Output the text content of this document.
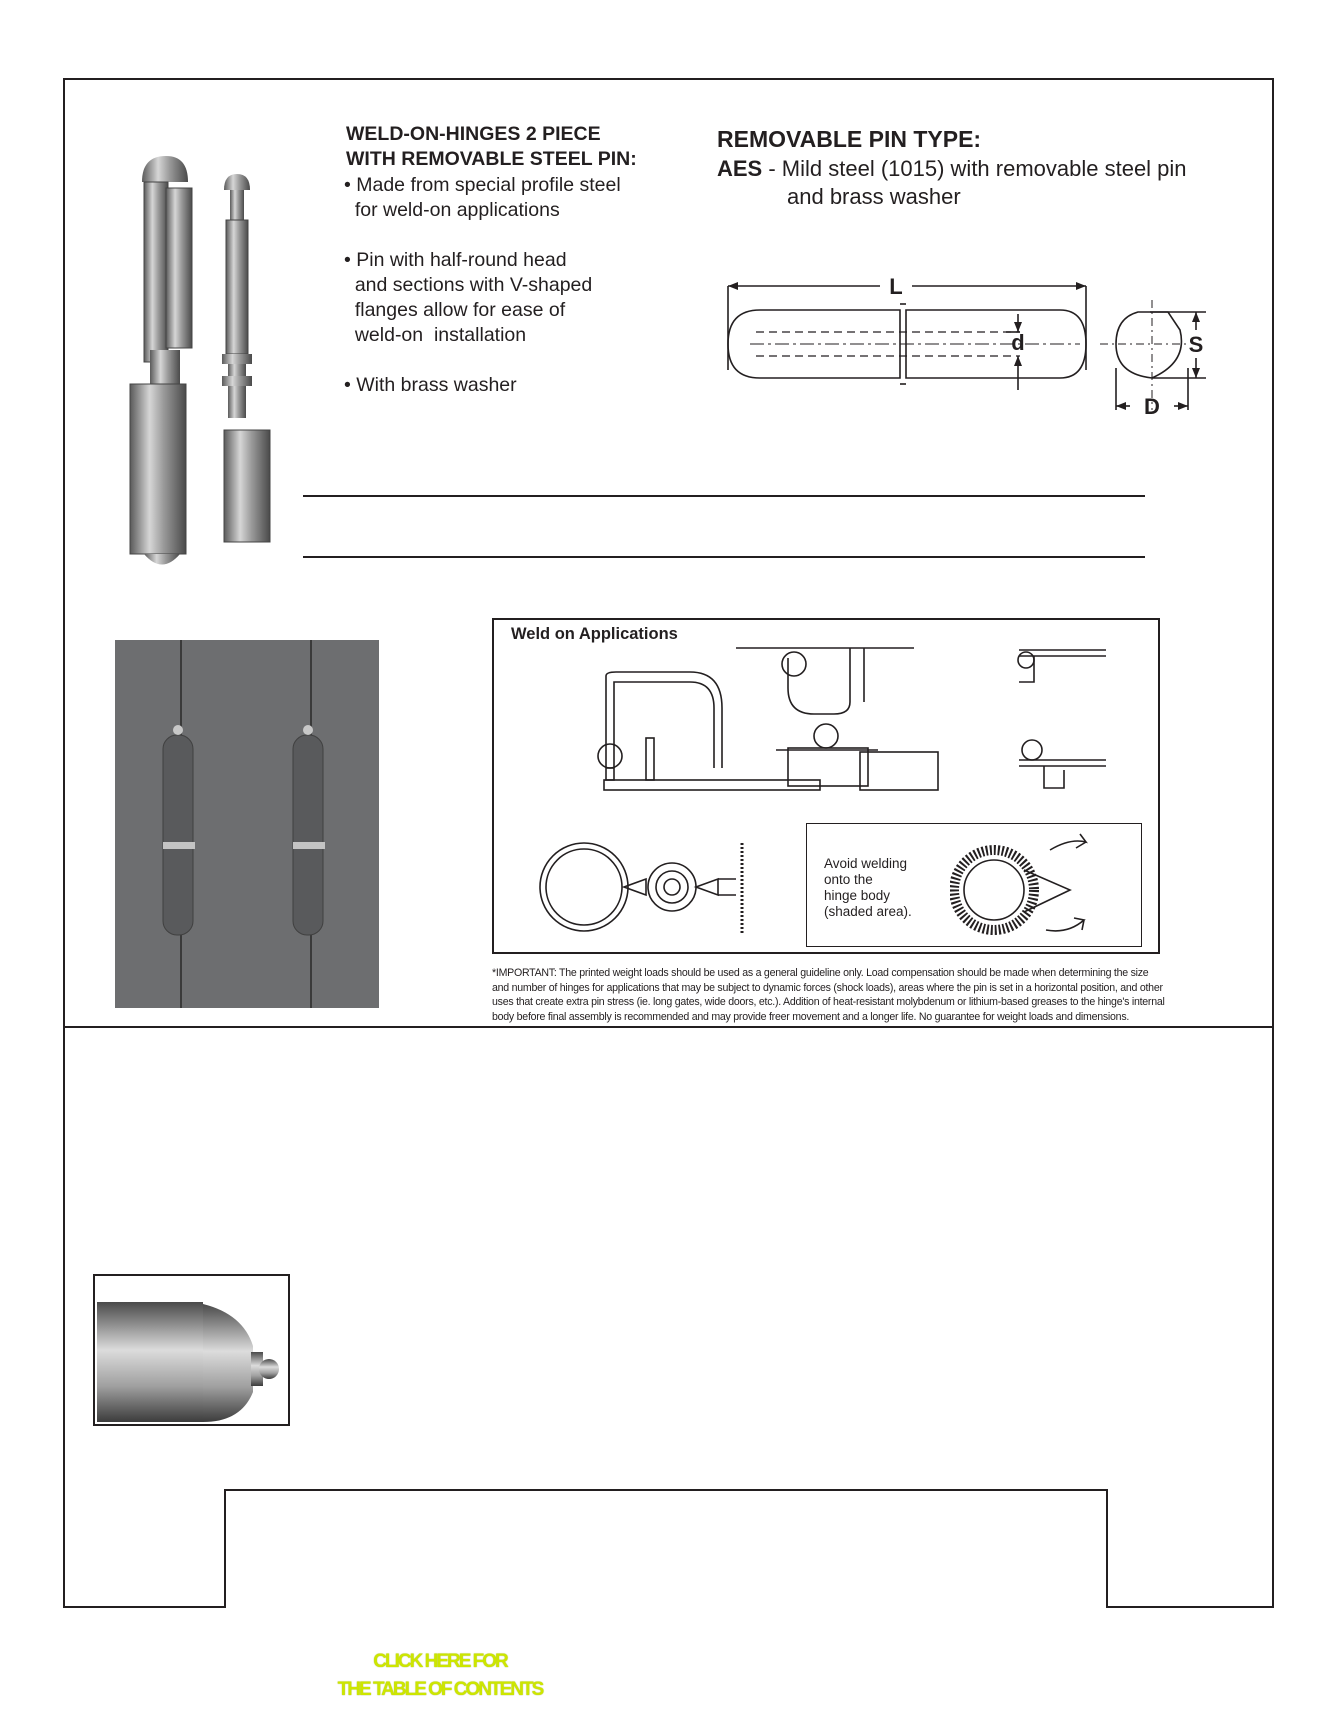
WELD-ON-HINGES 2 PIECE
WITH REMOVABLE STEEL PIN:
• Made from special profile steel
for weld-on applications
• Pin with half-round head
and sections with V-shaped
flanges allow for ease of
weld-on  installation
• With brass washer
REMOVABLE PIN TYPE:
AES - Mild steel (1015) with removable steel pin
and brass washer
L
d	S
D
Weld on Applications
Avoid welding
onto the
hinge body
(shaded area).
*IMPORTANT: The printed weight loads should be used as a general guideline only. Load compensation should be made when determining the size and number of hinges for applications that may be subject to dynamic forces (shock loads), areas where the pin is set in a horizontal position, and other uses that create extra pin stress (ie. long gates, wide doors, etc.). Addition of heat-resistant molybdenum or lithium-based greases to the hinge's internal body before final assembly is recommended and may provide freer movement and a longer life. No guarantee for weight loads and dimensions.
CLICK HERE FOR
THE TABLE OF CONTENTS
